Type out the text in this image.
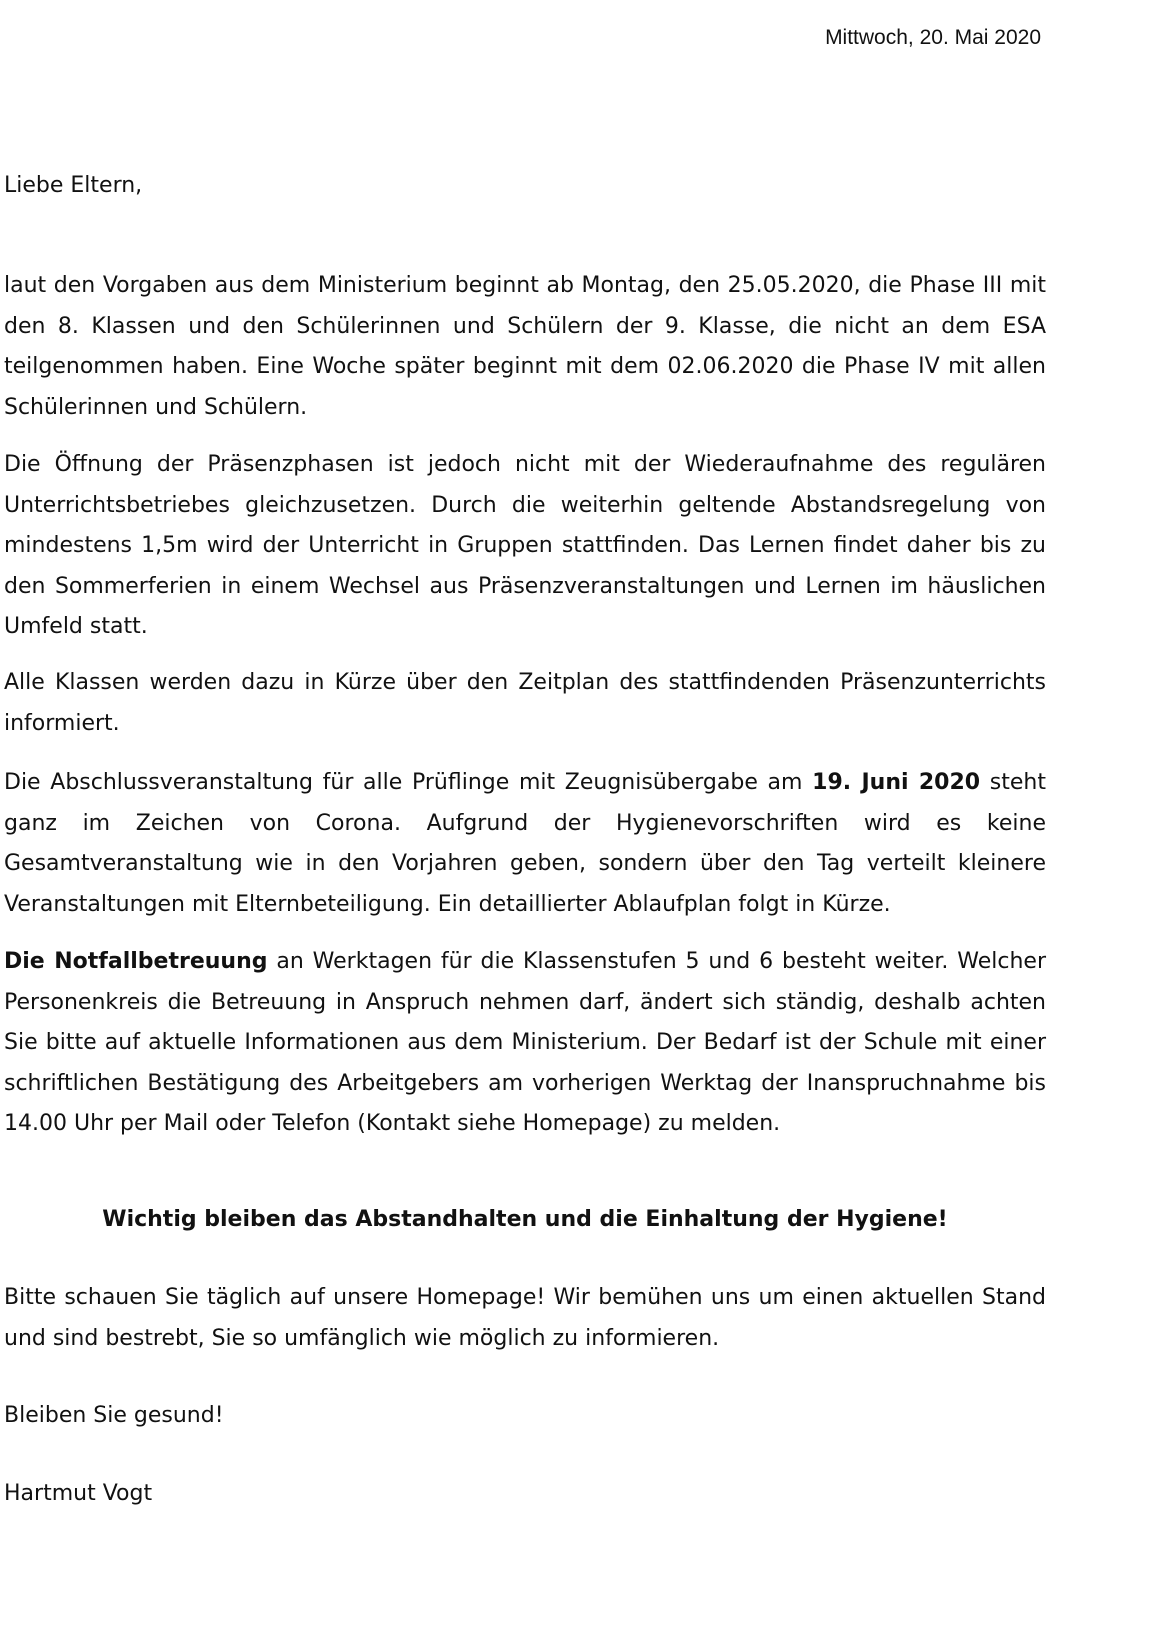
Mittwoch, 20. Mai 2020

Liebe Eltern,

laut den Vorgaben aus dem Ministerium beginnt ab Montag, den 25.05.2020, die Phase III mit den 8. Klassen und den Schülerinnen und Schülern der 9. Klasse, die nicht an dem ESA teilgenommen haben. Eine Woche später beginnt mit dem 02.06.2020 die Phase IV mit allen Schülerinnen und Schülern.

Die Öffnung der Präsenzphasen ist jedoch nicht mit der Wiederaufnahme des regulären Unterrichtsbetriebes gleichzusetzen. Durch die weiterhin geltende Abstandsregelung von mindestens 1,5m wird der Unterricht in Gruppen stattfinden. Das Lernen findet daher bis zu den Sommerferien in einem Wechsel aus Präsenzveranstaltungen und Lernen im häuslichen Umfeld statt.

Alle Klassen werden dazu in Kürze über den Zeitplan des stattfindenden Präsenzunterrichts informiert.

Die Abschlussveranstaltung für alle Prüflinge mit Zeugnisübergabe am 19. Juni 2020 steht ganz im Zeichen von Corona. Aufgrund der Hygienevorschriften wird es keine Gesamtveranstaltung wie in den Vorjahren geben, sondern über den Tag verteilt kleinere Veranstaltungen mit Elternbeteiligung. Ein detaillierter Ablaufplan folgt in Kürze.

Die Notfallbetreuung an Werktagen für die Klassenstufen 5 und 6 besteht weiter. Welcher Personenkreis die Betreuung in Anspruch nehmen darf, ändert sich ständig, deshalb achten Sie bitte auf aktuelle Informationen aus dem Ministerium. Der Bedarf ist der Schule mit einer schriftlichen Bestätigung des Arbeitgebers am vorherigen Werktag der Inanspruchnahme bis 14.00 Uhr per Mail oder Telefon (Kontakt siehe Homepage) zu melden.

Wichtig bleiben das Abstandhalten und die Einhaltung der Hygiene!

Bitte schauen Sie täglich auf unsere Homepage! Wir bemühen uns um einen aktuellen Stand und sind bestrebt, Sie so umfänglich wie möglich zu informieren.

Bleiben Sie gesund!

Hartmut Vogt
